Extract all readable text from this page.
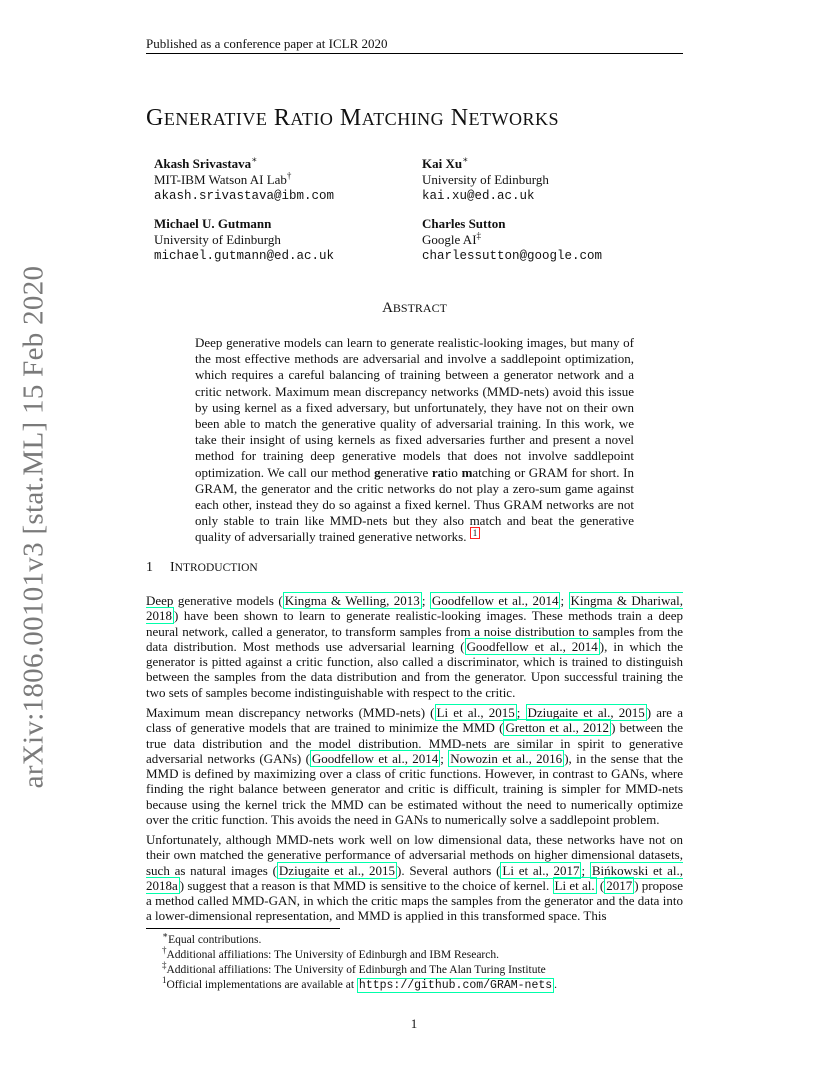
Published as a conference paper at ICLR 2020
GENERATIVE RATIO MATCHING NETWORKS
Akash Srivastava∗
MIT-IBM Watson AI Lab†
akash.srivastava@ibm.com
Kai Xu∗
University of Edinburgh
kai.xu@ed.ac.uk
Michael U. Gutmann
University of Edinburgh
michael.gutmann@ed.ac.uk
Charles Sutton
Google AI‡
charlessutton@google.com
arXiv:1806.00101v3 [stat.ML] 15 Feb 2020	ABSTRACT
Deep generative models can learn to generate realistic-looking images, but many of the most effective methods are adversarial and involve a saddlepoint optimization, which requires a careful balancing of training between a generator network and a critic network. Maximum mean discrepancy networks (MMD-nets) avoid this issue by using kernel as a fixed adversary, but unfortunately, they have not on their own been able to match the generative quality of adversarial training. In this work, we take their insight of using kernels as fixed adversaries further and present a novel method for training deep generative models that does not involve saddlepoint optimization. We call our method generative ratio matching or GRAM for short. In GRAM, the generator and the critic networks do not play a zero-sum game against each other, instead they do so against a fixed kernel. Thus GRAM networks are not only stable to train like MMD-nets but they also match and beat the generative quality of adversarially trained generative networks. $^1$
1 INTRODUCTION
Deep generative models ( Kingma & Welling, 2013 ; Goodfellow et al., 2014 ; Kingma & Dhariwal, 2018 ) have been shown to learn to generate realistic-looking images. These methods train a deep neural network, called a generator, to transform samples from a noise distribution to samples from the data distribution. Most methods use adversarial learning ( Goodfellow et al., 2014 ), in which the generator is pitted against a critic function, also called a discriminator, which is trained to distinguish between the samples from the data distribution and from the generator. Upon successful training the two sets of samples become indistinguishable with respect to the critic.
Maximum mean discrepancy networks (MMD-nets) ( Li et al., 2015 ; Dziugaite et al., 2015 ) are a class of generative models that are trained to minimize the MMD ( Gretton et al., 2012 ) between the true data distribution and the model distribution. MMD-nets are similar in spirit to generative adversarial networks (GANs) ( Goodfellow et al., 2014 ; Nowozin et al., 2016 ), in the sense that the MMD is defined by maximizing over a class of critic functions. However, in contrast to GANs, where finding the right balance between generator and critic is difficult, training is simpler for MMD-nets because using the kernel trick the MMD can be estimated without the need to numerically optimize over the critic function. This avoids the need in GANs to numerically solve a saddlepoint problem.
Unfortunately, although MMD-nets work well on low dimensional data, these networks have not on their own matched the generative performance of adversarial methods on higher dimensional datasets, such as natural images ( Dziugaite et al., 2015 ). Several authors ( Li et al., 2017 ; Bińkowski et al., 2018a ) suggest that a reason is that MMD is sensitive to the choice of kernel. Li et al. ( 2017 ) propose a method called MMD-GAN, in which the critic maps the samples from the generator and the data into a lower-dimensional representation, and MMD is applied in this transformed space. This
∗Equal contributions.
†Additional affiliations: The University of Edinburgh and IBM Research.
‡Additional affiliations: The University of Edinburgh and The Alan Turing Institute
$^1$Official implementations are available at https://github.com/GRAM-nets .
1
